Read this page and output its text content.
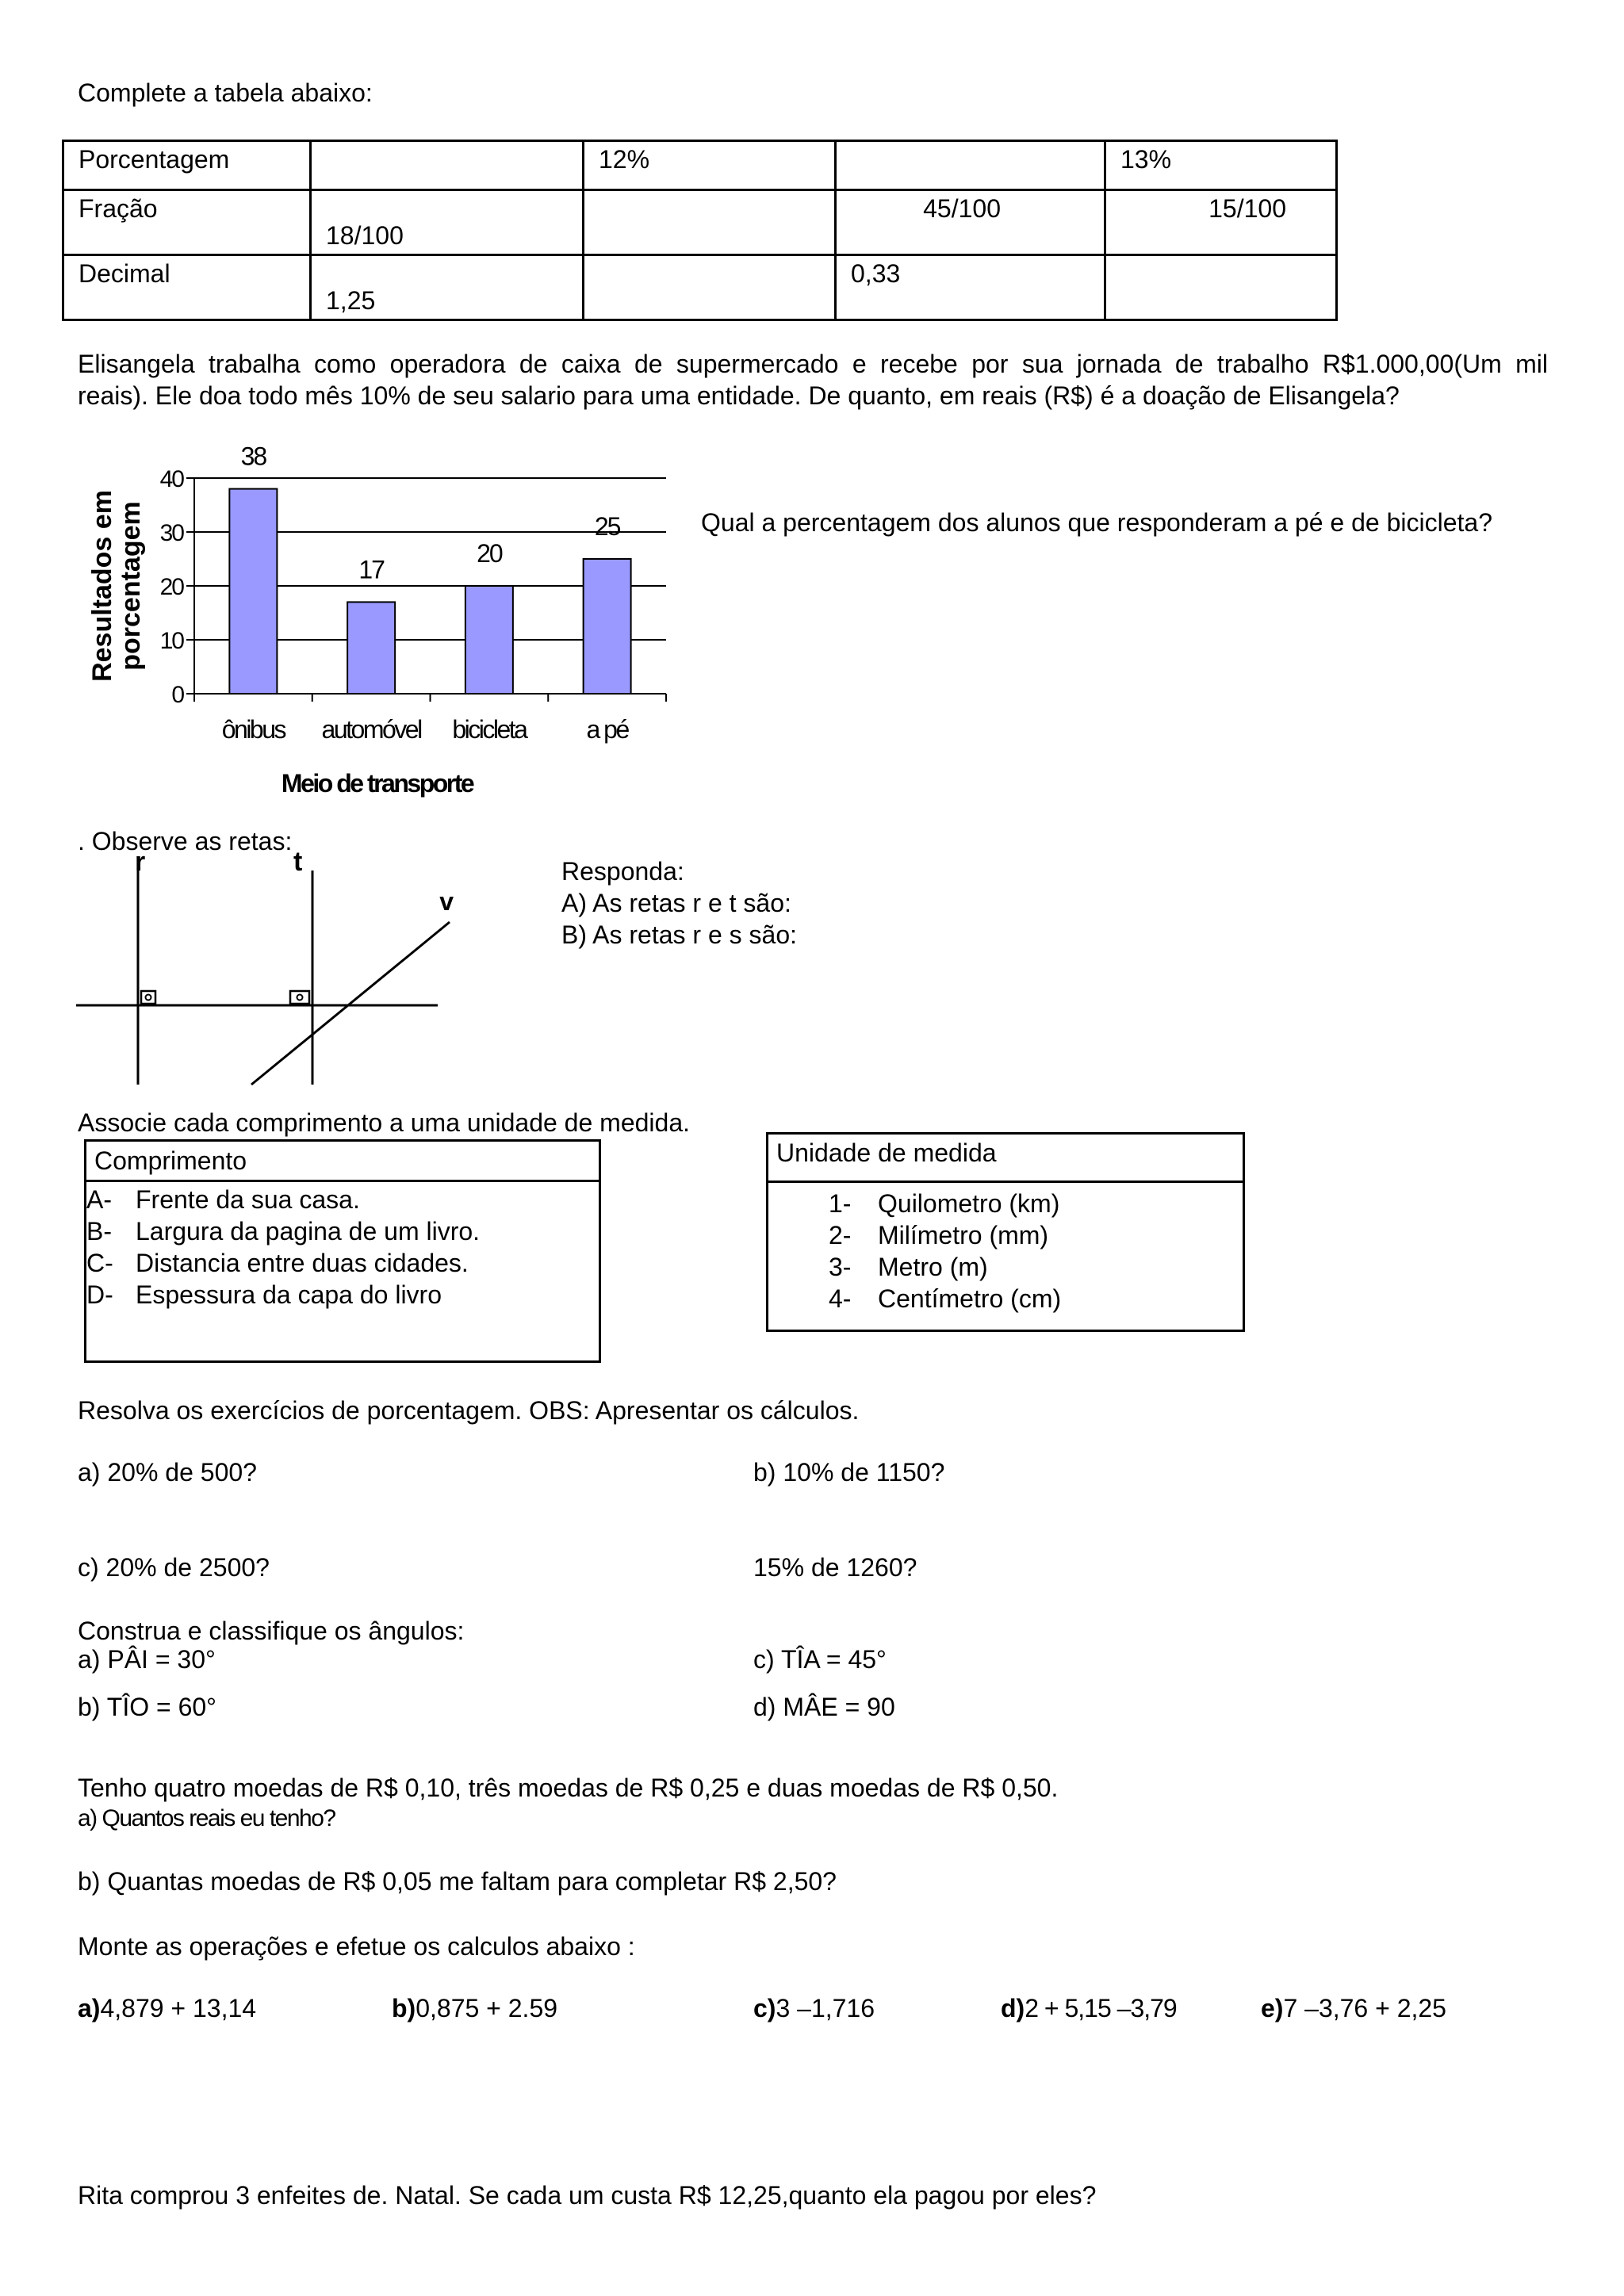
Complete a tabela abaixo:
Porcentagem		12%		13%
Fração	18/100		45/100	15/100
Decimal	1,25		0,33	
Elisangela trabalha como operadora de caixa de supermercado e recebe por sua jornada de trabalho R$1.000,00(Um mil
reais). Ele doa todo mês 10% de seu salario para uma entidade. De quanto, em reais (R$) é a doação de Elisangela?
0
10
20
30
40
38
ônibus
17
automóvel
20
bicicleta
25
a pé
Meio de transporte
Resultados em
porcentagem	Qual a percentagem dos alunos que responderam a pé e de bicicleta?
. Observe as retas:
r	t
v
Responda:
A) As retas r e t são:
B) As retas r e s são:
Associe cada comprimento a uma unidade de medida.
Comprimento
A- Frente da sua casa.
B- Largura da pagina de um livro.
C- Distancia entre duas cidades.
D- Espessura da capa do livro
Unidade de medida
1- Quilometro (km)
2- Milímetro (mm)
3- Metro (m)
4- Centímetro (cm)
Resolva os exercícios de porcentagem. OBS: Apresentar os cálculos.
a) 20% de 500?	b) 10% de 1150?
c) 20% de 2500?	15% de 1260?
Construa e classifique os ângulos:
a) PÂI = 30°	c) TÎA = 45°
b) TÎO = 60°	d) MÂE = 90
Tenho quatro moedas de R$ 0,10, três moedas de R$ 0,25 e duas moedas de R$ 0,50.
a) Quantos reais eu tenho?
b) Quantas moedas de R$ 0,05 me faltam para completar R$ 2,50?
Monte as operações e efetue os calculos abaixo :
a)4,879 + 13,14	b)0,875 + 2.59	c)3 –1,716	d)2 + 5,15 –3,79	e)7 –3,76 + 2,25
Rita comprou 3 enfeites de. Natal. Se cada um custa R$ 12,25,quanto ela pagou por eles?
